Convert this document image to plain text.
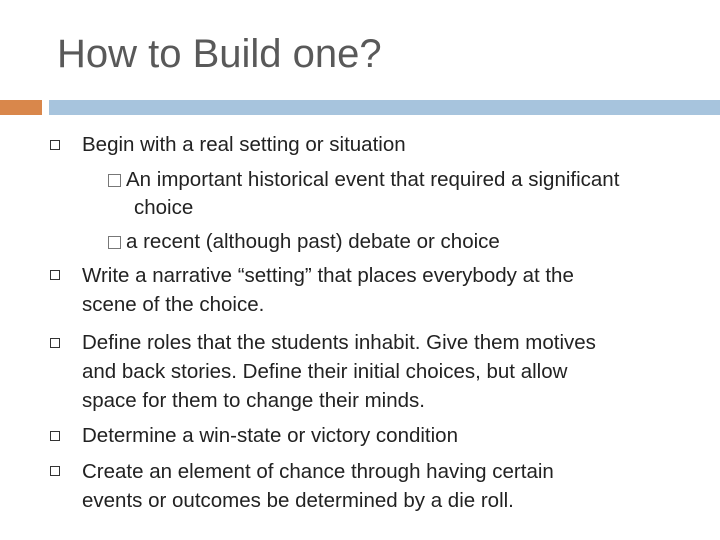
How to Build one?
Begin with a real setting or situation
An important historical event that required a significant
choice
a recent (although past) debate or choice
Write a narrative “setting” that places everybody at the
scene of the choice.
Define roles that the students inhabit. Give them motives
and back stories. Define their initial choices, but allow
space for them to change their minds.
Determine a win-state or victory condition
Create an element of chance through having certain
events or outcomes be determined by a die roll.
